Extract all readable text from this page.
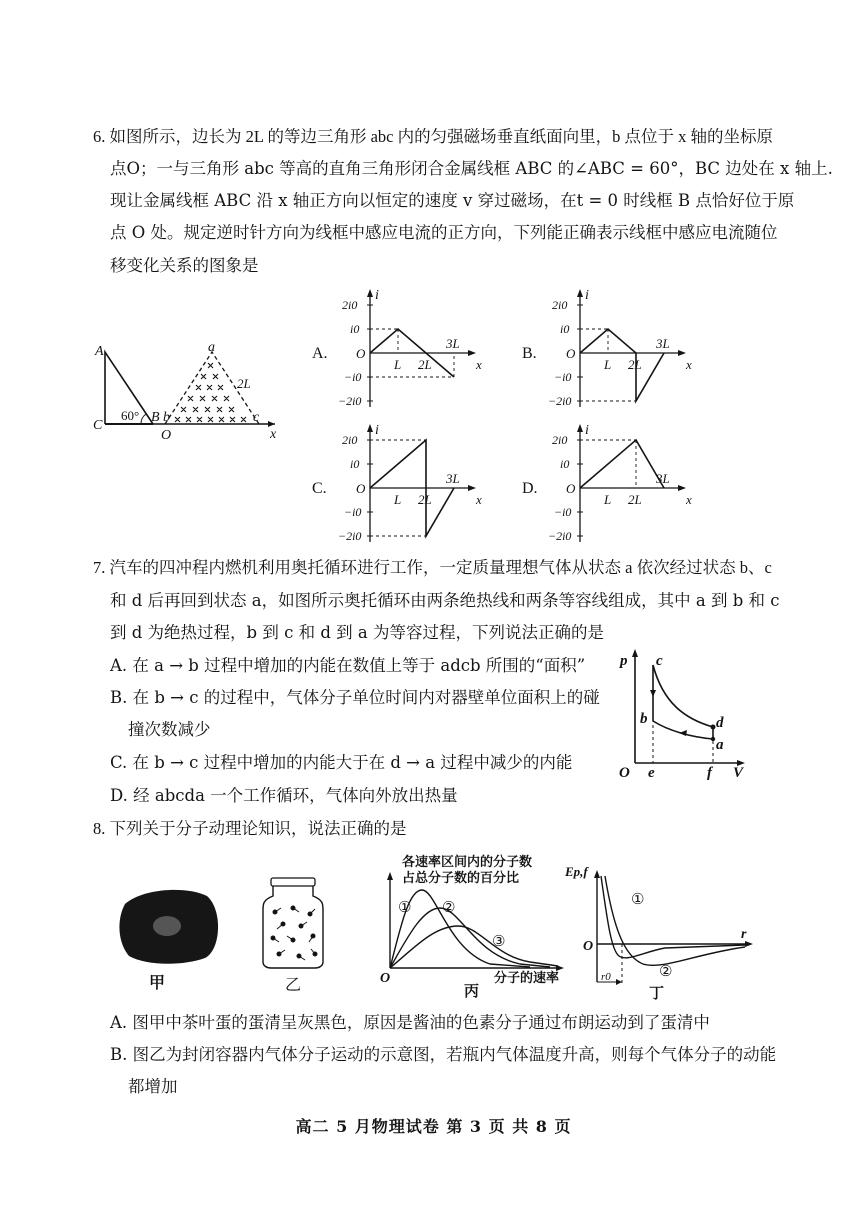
6. 如图所示，边长为 2L 的等边三角形 abc 内的匀强磁场垂直纸面向里，b 点位于 x 轴的坐标原
点O；一与三角形 abc 等高的直角三角形闭合金属线框 ABC 的∠ABC = 60°，BC 边处在 x 轴上.
现让金属线框 ABC 沿 x 轴正方向以恒定的速度 v 穿过磁场，在t = 0 时线框 B 点恰好位于原
点 O 处。规定逆时针方向为线框中感应电流的正方向，下列能正确表示线框中感应电流随位
移变化关系的图象是
A
C
60° B b
O
a
c
x
2L
A.
i
x
O
2i0
i0
−i0
−2i0
L 2L
3L
B.
i
x
O
2i0
i0
−i0
−2i0
L 2L
3L
C.
i
x
O
2i0
i0
−i0
−2i0
L 2L
3L
D.
i
x
O
2i0
i0
−i0
−2i0
L 2L
3L
7. 汽车的四冲程内燃机利用奥托循环进行工作，一定质量理想气体从状态 a 依次经过状态 b、c
和 d 后再回到状态 a，如图所示奥托循环由两条绝热线和两条等容线组成，其中 a 到 b 和 c
到 d 为绝热过程，b 到 c 和 d 到 a 为等容过程，下列说法正确的是
A. 在 a → b 过程中增加的内能在数值上等于 adcb 所围的“面积”
B. 在 b → c 的过程中，气体分子单位时间内对器壁单位面积上的碰
撞次数减少
C. 在 b → c 过程中增加的内能大于在 d → a 过程中减少的内能
D. 经 abcda 一个工作循环，气体向外放出热量
p c
b	d
a
O e	f V
8. 下列关于分子动理论知识，说法正确的是
甲	乙
各速率区间内的分子数
占总分子数的百分比
① ②
③
O	分子的速率
丙
Ep,f
O
r
r0
①
②
丁
A. 图甲中茶叶蛋的蛋清呈灰黑色，原因是酱油的色素分子通过布朗运动到了蛋清中
B. 图乙为封闭容器内气体分子运动的示意图，若瓶内气体温度升高，则每个气体分子的动能
都增加
高二 5 月物理试卷 第 3 页 共 8 页
